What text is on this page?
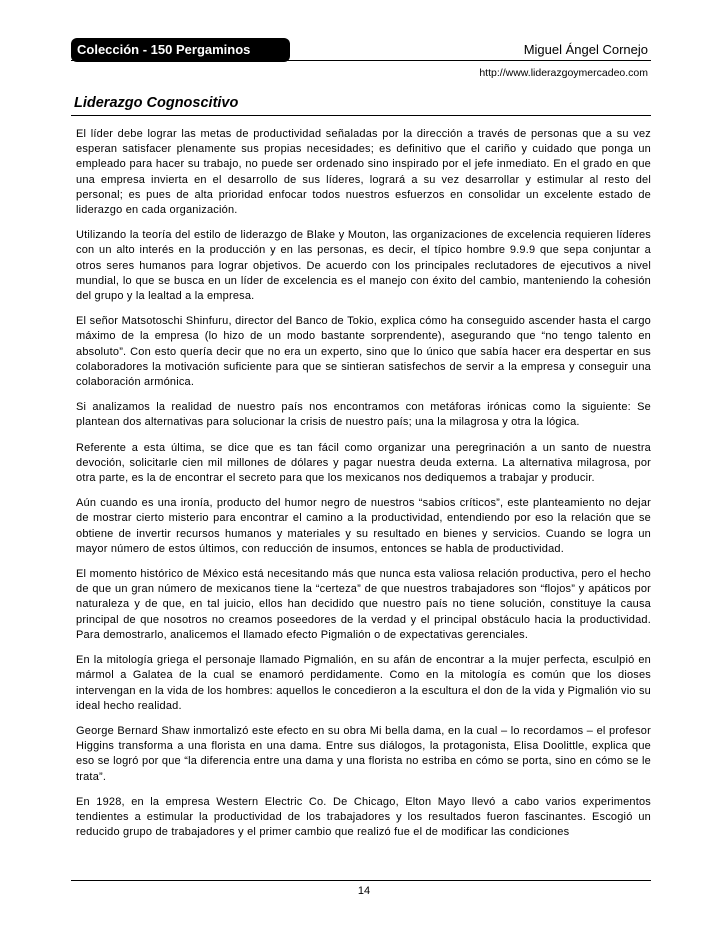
Colección - 150 Pergaminos	Miguel Ángel Cornejo
http://www.liderazgoymercadeo.com
Liderazgo Cognoscitivo

El líder debe lograr las metas de productividad señaladas por la dirección a través de personas que a su vez esperan satisfacer plenamente sus propias necesidades; es definitivo que el cariño y cuidado que ponga un empleado para hacer su trabajo, no puede ser ordenado sino inspirado por el jefe inmediato. En el grado en que una empresa invierta en el desarrollo de sus líderes, logrará a su vez desarrollar y estimular al resto del personal; es pues de alta prioridad enfocar todos nuestros esfuerzos en consolidar un excelente estado de liderazgo en cada organización.

Utilizando la teoría del estilo de liderazgo de Blake y Mouton, las organizaciones de excelencia requieren líderes con un alto interés en la producción y en las personas, es decir, el típico hombre 9.9.9 que sepa conjuntar a otros seres humanos para lograr objetivos. De acuerdo con los principales reclutadores de ejecutivos a nivel mundial, lo que se busca en un líder de excelencia es el manejo con éxito del cambio, manteniendo la cohesión del grupo y la lealtad a la empresa.

El señor Matsotoschi Shinfuru, director del Banco de Tokio, explica cómo ha conseguido ascender hasta el cargo máximo de la empresa (lo hizo de un modo bastante sorprendente), asegurando que “no tengo talento en absoluto”. Con esto quería decir que no era un experto, sino que lo único que sabía hacer era despertar en sus colaboradores la motivación suficiente para que se sintieran satisfechos de servir a la empresa y conseguir una colaboración armónica.

Si analizamos la realidad de nuestro país nos encontramos con metáforas irónicas como la siguiente: Se plantean dos alternativas para solucionar la crisis de nuestro país; una la milagrosa y otra la lógica.

Referente a esta última, se dice que es tan fácil como organizar una peregrinación a un santo de nuestra devoción, solicitarle cien mil millones de dólares y pagar nuestra deuda externa. La alternativa milagrosa, por otra parte, es la de encontrar el secreto para que los mexicanos nos dediquemos a trabajar y producir.

Aún cuando es una ironía, producto del humor negro de nuestros “sabios críticos”, este planteamiento no dejar de mostrar cierto misterio para encontrar el camino a la productividad, entendiendo por eso la relación que se obtiene de invertir recursos humanos y materiales y su resultado en bienes y servicios. Cuando se logra un mayor número de estos últimos, con reducción de insumos, entonces se habla de productividad.

El momento histórico de México está necesitando más que nunca esta valiosa relación productiva, pero el hecho de que un gran número de mexicanos tiene la “certeza” de que nuestros trabajadores son “flojos” y apáticos por naturaleza y de que, en tal juicio, ellos han decidido que nuestro país no tiene solución, constituye la causa principal de que nosotros no creamos poseedores de la verdad y el principal obstáculo hacia la productividad. Para demostrarlo, analicemos el llamado efecto Pigmalión o de expectativas gerenciales.

En la mitología griega el personaje llamado Pigmalión, en su afán de encontrar a la mujer perfecta, esculpió en mármol a Galatea de la cual se enamoró perdidamente. Como en la mitología es común que los dioses intervengan en la vida de los hombres: aquellos le concedieron a la escultura el don de la vida y Pigmalión vio su ideal hecho realidad.

George Bernard Shaw inmortalizó este efecto en su obra Mi bella dama, en la cual – lo recordamos – el profesor Higgins transforma a una florista en una dama. Entre sus diálogos, la protagonista, Elisa Doolittle, explica que eso se logró por que “la diferencia entre una dama y una florista no estriba en cómo se porta, sino en cómo se le trata”.

En 1928, en la empresa Western Electric Co. De Chicago, Elton Mayo llevó a cabo varios experimentos tendientes a estimular la productividad de los trabajadores y los resultados fueron fascinantes. Escogió un reducido grupo de trabajadores y el primer cambio que realizó fue el de modificar las condiciones

14
